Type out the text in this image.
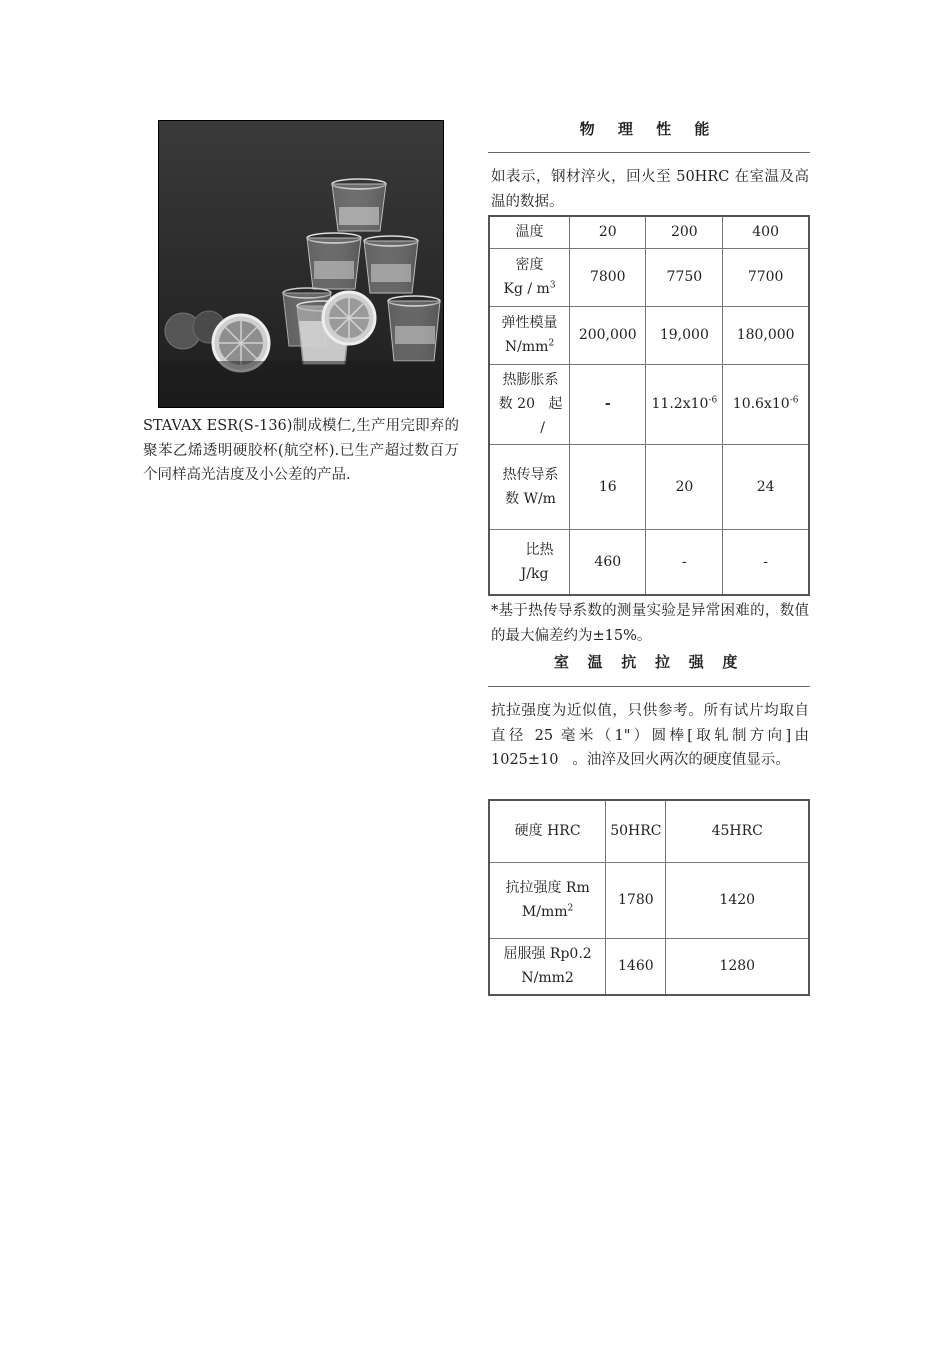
STAVAX ESR(S-136)制成模仁,生产用完即弃的聚苯乙烯透明硬胶杯(航空杯).已生产超过数百万个同样高光洁度及小公差的产品.
物 理 性 能
如表示，钢材淬火，回火至 50HRC 在室温及高温的数据。
温度	20	200	400

密度
Kg / $m^3$	7800	7750	7700

弹性模量
$N/mm^2$	200,000	19,000	180,000

热膨胀系
数 20   起
/	-	$11.2x10^{-6}$	$10.6x10^{-6}$

热传导系
数 W/m	16	20	24

比热
J/kg	460	-	-
*基于热传导系数的测量实验是异常困难的，数值的最大偏差约为±15%。
室 温 抗 拉 强 度
抗拉强度为近似值，只供参考。所有试片均取自直径 25 毫米（1"）圆棒[取轧制方向]由 1025±10   。油淬及回火两次的硬度值显示。
硬度 HRC	50HRC	45HRC

抗拉强度 Rm
$M/mm^2$	1780	1420

屈服强 Rp0.2
N/mm2	1460	1280
